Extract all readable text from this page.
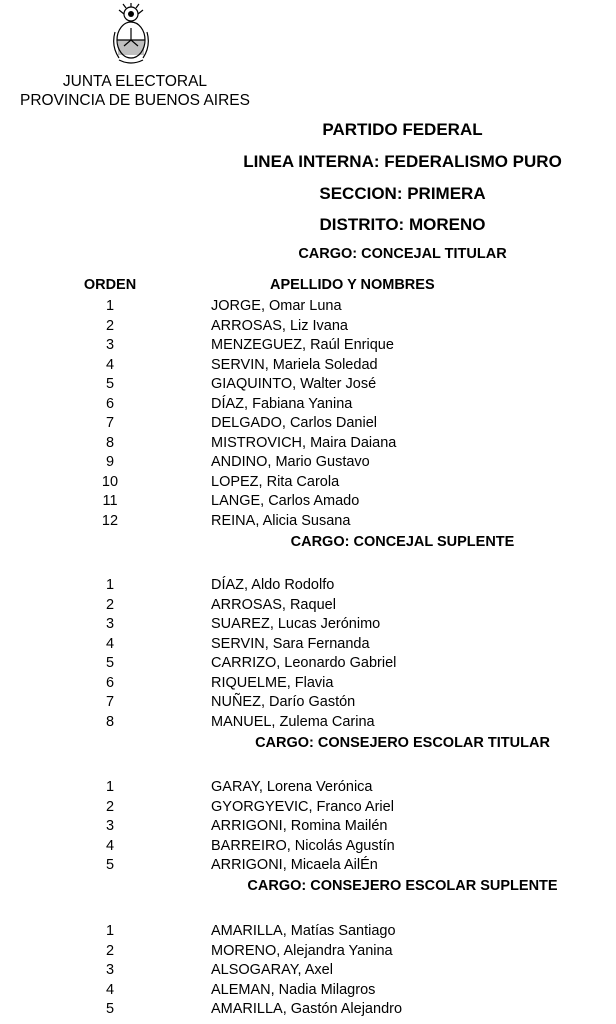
JUNTA ELECTORAL
PROVINCIA DE BUENOS AIRES
PARTIDO FEDERAL
LINEA INTERNA: FEDERALISMO PURO
SECCION: PRIMERA
DISTRITO: MORENO
CARGO: CONCEJAL TITULAR
ORDEN	APELLIDO Y NOMBRES
1	JORGE, Omar Luna
2	ARROSAS, Liz Ivana
3	MENZEGUEZ, Raúl Enrique
4	SERVIN, Mariela Soledad
5	GIAQUINTO, Walter José
6	DÍAZ, Fabiana Yanina
7	DELGADO, Carlos Daniel
8	MISTROVICH, Maira Daiana
9	ANDINO, Mario Gustavo
10	LOPEZ, Rita Carola
11	LANGE, Carlos Amado
12	REINA, Alicia Susana
CARGO: CONCEJAL SUPLENTE
1	DÍAZ, Aldo Rodolfo
2	ARROSAS, Raquel
3	SUAREZ, Lucas Jerónimo
4	SERVIN, Sara Fernanda
5	CARRIZO, Leonardo Gabriel
6	RIQUELME, Flavia
7	NUÑEZ, Darío Gastón
8	MANUEL, Zulema Carina
CARGO: CONSEJERO ESCOLAR TITULAR
1	GARAY, Lorena Verónica
2	GYORGYEVIC, Franco Ariel
3	ARRIGONI, Romina Mailén
4	BARREIRO, Nicolás Agustín
5	ARRIGONI, Micaela AilÉn
CARGO: CONSEJERO ESCOLAR SUPLENTE
1	AMARILLA, Matías Santiago
2	MORENO, Alejandra Yanina
3	ALSOGARAY, Axel
4	ALEMAN, Nadia Milagros
5	AMARILLA, Gastón Alejandro
